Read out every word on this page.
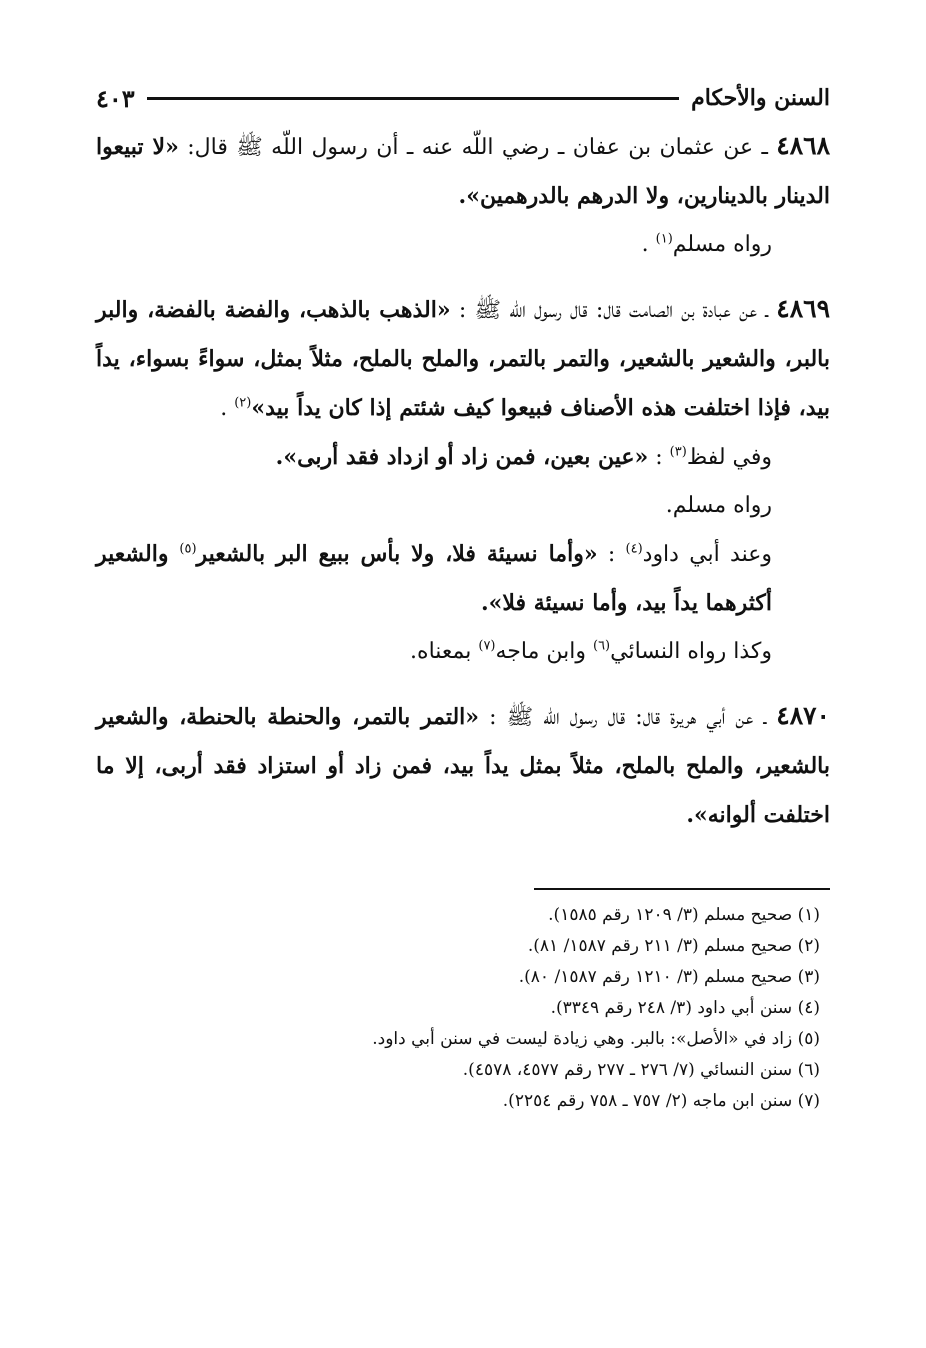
السنن والأحكام
٤٠٣

٤٨٦٨ ـ عن عثمان بن عفان ـ رضي اللّه عنه ـ أن رسول اللّه ﷺ قال: «لا تبيعوا الدينار بالدينارين، ولا الدرهم بالدرهمين».

رواه مسلم$^{(١)}$ .

٤٨٦٩ ـ عن عبادة بن الصامت قال: قال رسول اللّه ﷺ : «الذهب بالذهب، والفضة بالفضة، والبر بالبر، والشعير بالشعير، والتمر بالتمر، والملح بالملح، مثلاً بمثل، سواءً بسواء، يداً بيد، فإذا اختلفت هذه الأصناف فبيعوا كيف شئتم إذا كان يداً بيد»$^{(٢)}$ .

وفي لفظ$^{(٣)}$ : «عين بعين، فمن زاد أو ازداد فقد أربى».

رواه مسلم.

وعند أبي داود$^{(٤)}$ : «وأما نسيئة فلا، ولا بأس ببيع البر بالشعير$^{(٥)}$ والشعير أكثرهما يداً بيد، وأما نسيئة فلا».

وكذا رواه النسائي$^{(٦)}$ وابن ماجه$^{(٧)}$ بمعناه.

٤٨٧٠ ـ عن أبي هريرة قال: قال رسول اللّه ﷺ : «التمر بالتمر، والحنطة بالحنطة، والشعير بالشعير، والملح بالملح، مثلاً بمثل يداً بيد، فمن زاد أو استزاد فقد أربى، إلا ما اختلفت ألوانه».

(١) صحيح مسلم (٣/ ١٢٠٩ رقم ١٥٨٥).

(٢) صحيح مسلم (٣/ ٢١١ رقم ١٥٨٧/ ٨١).

(٣) صحيح مسلم (٣/ ١٢١٠ رقم ١٥٨٧/ ٨٠).

(٤) سنن أبي داود (٣/ ٢٤٨ رقم ٣٣٤٩).

(٥) زاد في «الأصل»: بالبر. وهي زيادة ليست في سنن أبي داود.

(٦) سنن النسائي (٧/ ٢٧٦ ـ ٢٧٧ رقم ٤٥٧٧، ٤٥٧٨).

(٧) سنن ابن ماجه (٢/ ٧٥٧ ـ ٧٥٨ رقم ٢٢٥٤).
